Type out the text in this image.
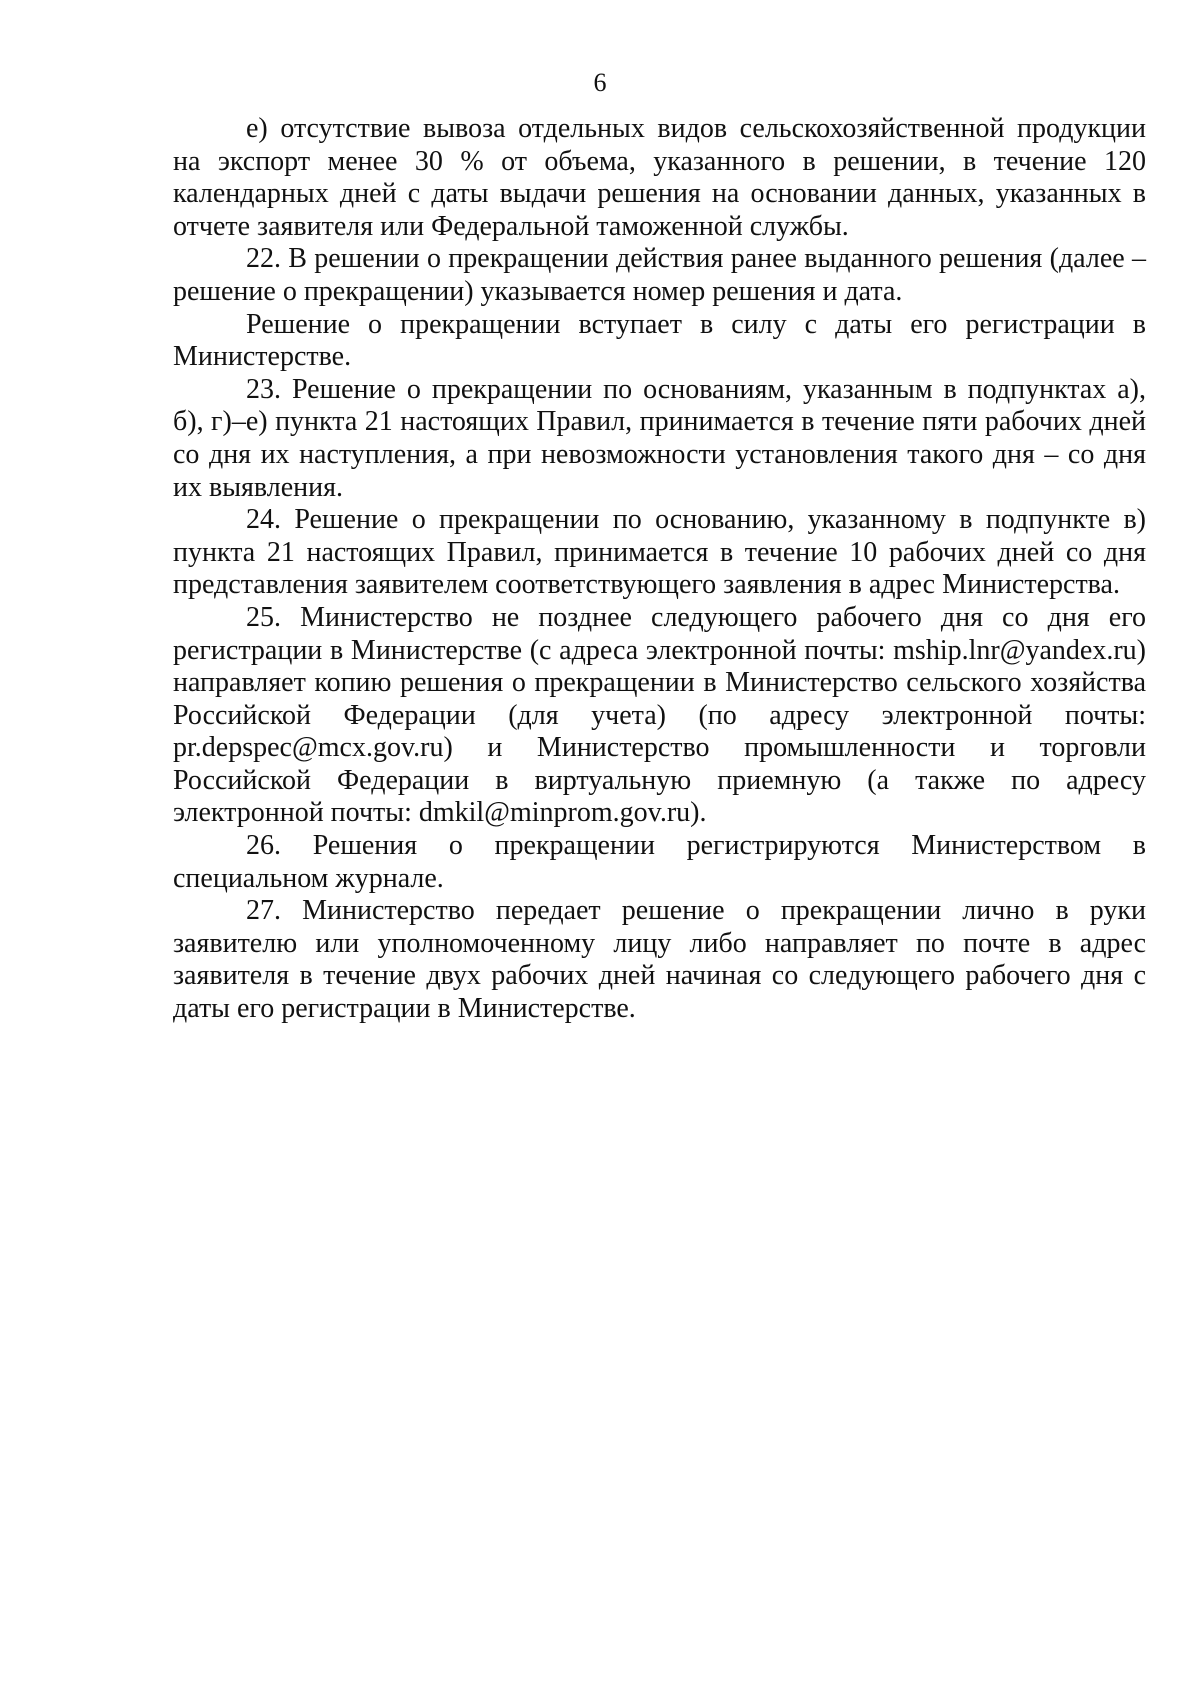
6

е) отсутствие вывоза отдельных видов сельскохозяйственной продукции на экспорт менее 30 % от объема, указанного в решении, в течение 120 календарных дней с даты выдачи решения на основании данных, указанных в отчете заявителя или Федеральной таможенной службы.

22. В решении о прекращении действия ранее выданного решения (далее – решение о прекращении) указывается номер решения и дата.

Решение о прекращении вступает в силу с даты его регистрации в Министерстве.

23. Решение о прекращении по основаниям, указанным в подпунктах а), б), г)–е) пункта 21 настоящих Правил, принимается в течение пяти рабочих дней со дня их наступления, а при невозможности установления такого дня – со дня их выявления.

24. Решение о прекращении по основанию, указанному в подпункте в) пункта 21 настоящих Правил, принимается в течение 10 рабочих дней со дня представления заявителем соответствующего заявления в адрес Министерства.

25. Министерство не позднее следующего рабочего дня со дня его регистрации в Министерстве (с адреса электронной почты: mship.lnr@yandex.ru) направляет копию решения о прекращении в Министерство сельского хозяйства Российской Федерации (для учета) (по адресу электронной почты: pr.depspec@mcx.gov.ru) и Министерство промышленности и торговли Российской Федерации в виртуальную приемную (а также по адресу электронной почты: dmkil@minprom.gov.ru).

26. Решения о прекращении регистрируются Министерством в специальном журнале.

27. Министерство передает решение о прекращении лично в руки заявителю или уполномоченному лицу либо направляет по почте в адрес заявителя в течение двух рабочих дней начиная со следующего рабочего дня с даты его регистрации в Министерстве.
